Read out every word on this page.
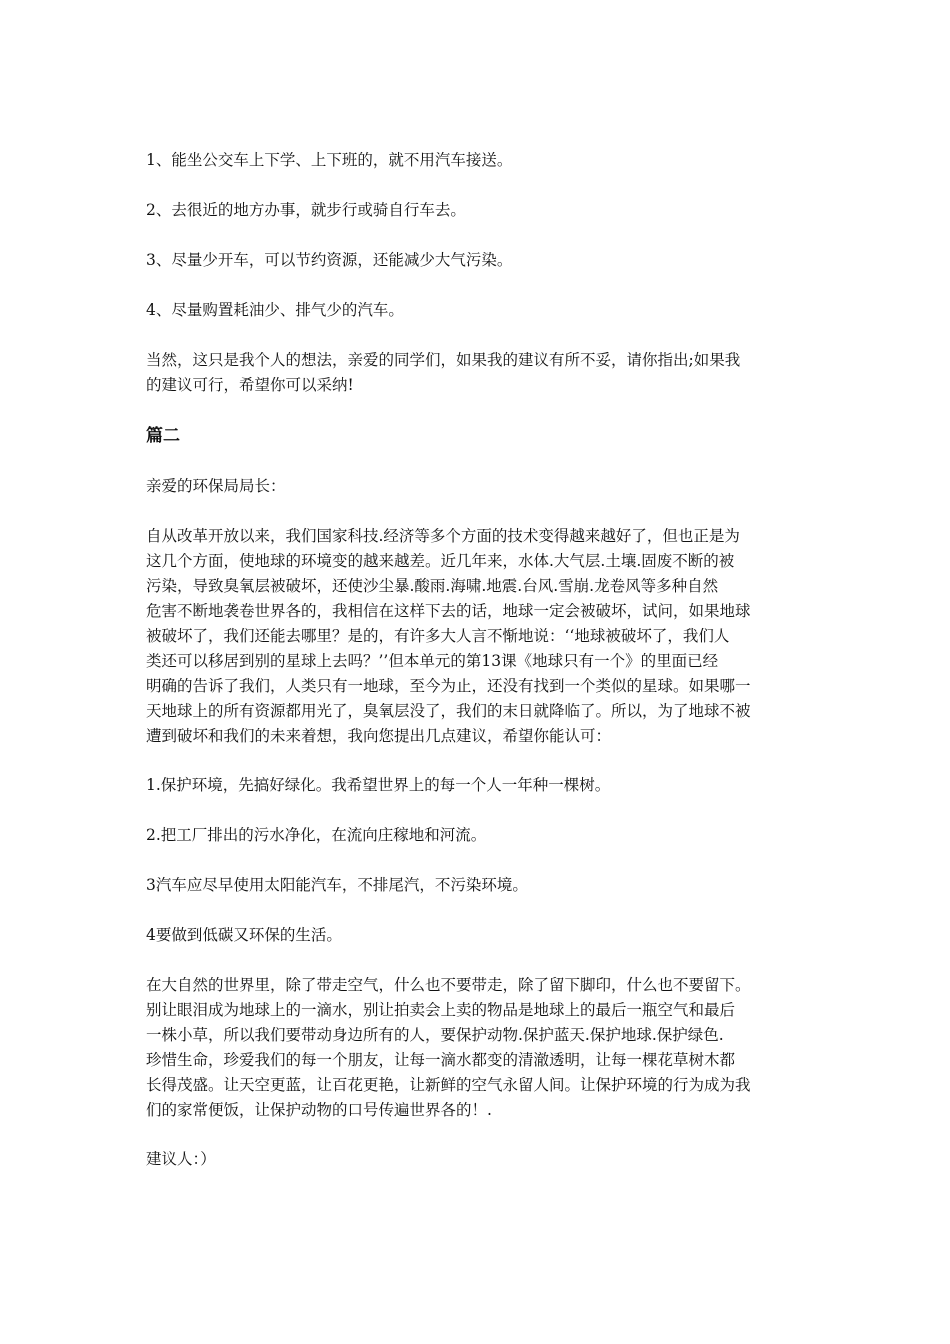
1、能坐公交车上下学、上下班的，就不用汽车接送。

2、去很近的地方办事，就步行或骑自行车去。

3、尽量少开车，可以节约资源，还能减少大气污染。

4、尽量购置耗油少、排气少的汽车。

当然，这只是我个人的想法，亲爱的同学们，如果我的建议有所不妥，请你指出;如果我
的建议可行，希望你可以采纳!

篇二

亲爱的环保局局长：

自从改革开放以来，我们国家科技.经济等多个方面的技术变得越来越好了，但也正是为
这几个方面，使地球的环境变的越来越差。近几年来，水体.大气层.土壤.固废不断的被
污染，导致臭氧层被破坏，还使沙尘暴.酸雨.海啸.地震.台风.雪崩.龙卷风等多种自然
危害不断地袭卷世界各的，我相信在这样下去的话，地球一定会被破坏，试问，如果地球
被破坏了，我们还能去哪里？是的，有许多大人言不惭地说：‘‘地球被破坏了，我们人
类还可以移居到别的星球上去吗？’’但本单元的第13课《地球只有一个》的里面已经
明确的告诉了我们，人类只有一地球，至今为止，还没有找到一个类似的星球。如果哪一
天地球上的所有资源都用光了，臭氧层没了，我们的末日就降临了。所以，为了地球不被
遭到破坏和我们的未来着想，我向您提出几点建议，希望你能认可：

1.保护环境，先搞好绿化。我希望世界上的每一个人一年种一棵树。

2.把工厂排出的污水净化，在流向庄稼地和河流。

3汽车应尽早使用太阳能汽车，不排尾汽，不污染环境。

4要做到低碳又环保的生活。

在大自然的世界里，除了带走空气，什么也不要带走，除了留下脚印，什么也不要留下。
别让眼泪成为地球上的一滴水，别让拍卖会上卖的物品是地球上的最后一瓶空气和最后
一株小草，所以我们要带动身边所有的人，要保护动物.保护蓝天.保护地球.保护绿色.
珍惜生命，珍爱我们的每一个朋友，让每一滴水都变的清澈透明，让每一棵花草树木都
长得茂盛。让天空更蓝，让百花更艳，让新鲜的空气永留人间。让保护环境的行为成为我
们的家常便饭，让保护动物的口号传遍世界各的！.

建议人：）
